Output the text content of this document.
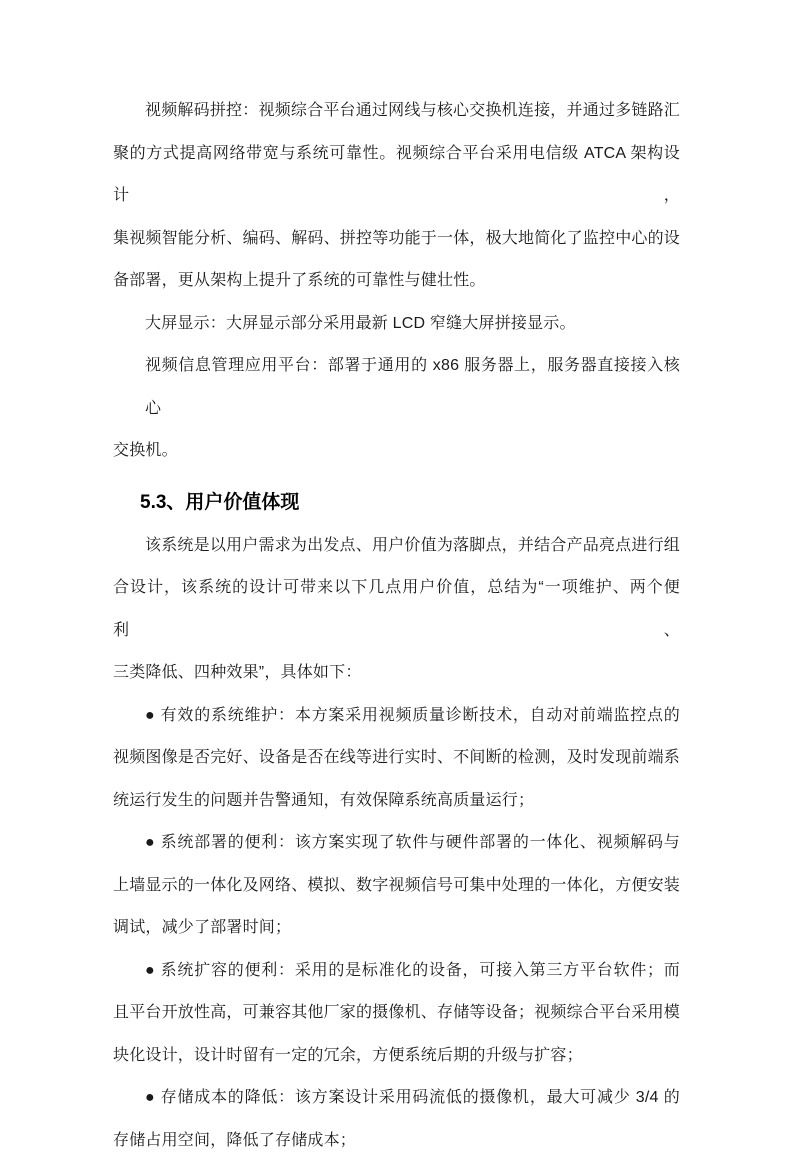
视频解码拼控：视频综合平台通过网线与核心交换机连接，并通过多链路汇
聚的方式提高网络带宽与系统可靠性。视频综合平台采用电信级 ATCA 架构设计，
集视频智能分析、编码、解码、拼控等功能于一体，极大地简化了监控中心的设
备部署，更从架构上提升了系统的可靠性与健壮性。
大屏显示：大屏显示部分采用最新 LCD 窄缝大屏拼接显示。
视频信息管理应用平台：部署于通用的 x86 服务器上，服务器直接接入核心
交换机。
5.3、用户价值体现
该系统是以用户需求为出发点、用户价值为落脚点，并结合产品亮点进行组
合设计，该系统的设计可带来以下几点用户价值，总结为“一项维护、两个便利、
三类降低、四种效果”，具体如下：
● 有效的系统维护：本方案采用视频质量诊断技术，自动对前端监控点的
视频图像是否完好、设备是否在线等进行实时、不间断的检测，及时发现前端系
统运行发生的问题并告警通知，有效保障系统高质量运行；
● 系统部署的便利：该方案实现了软件与硬件部署的一体化、视频解码与
上墙显示的一体化及网络、模拟、数字视频信号可集中处理的一体化，方便安装
调试，减少了部署时间；
● 系统扩容的便利：采用的是标准化的设备，可接入第三方平台软件；而
且平台开放性高，可兼容其他厂家的摄像机、存储等设备；视频综合平台采用模
块化设计，设计时留有一定的冗余，方便系统后期的升级与扩容；
● 存储成本的降低：该方案设计采用码流低的摄像机，最大可减少 3/4 的
存储占用空间，降低了存储成本；
